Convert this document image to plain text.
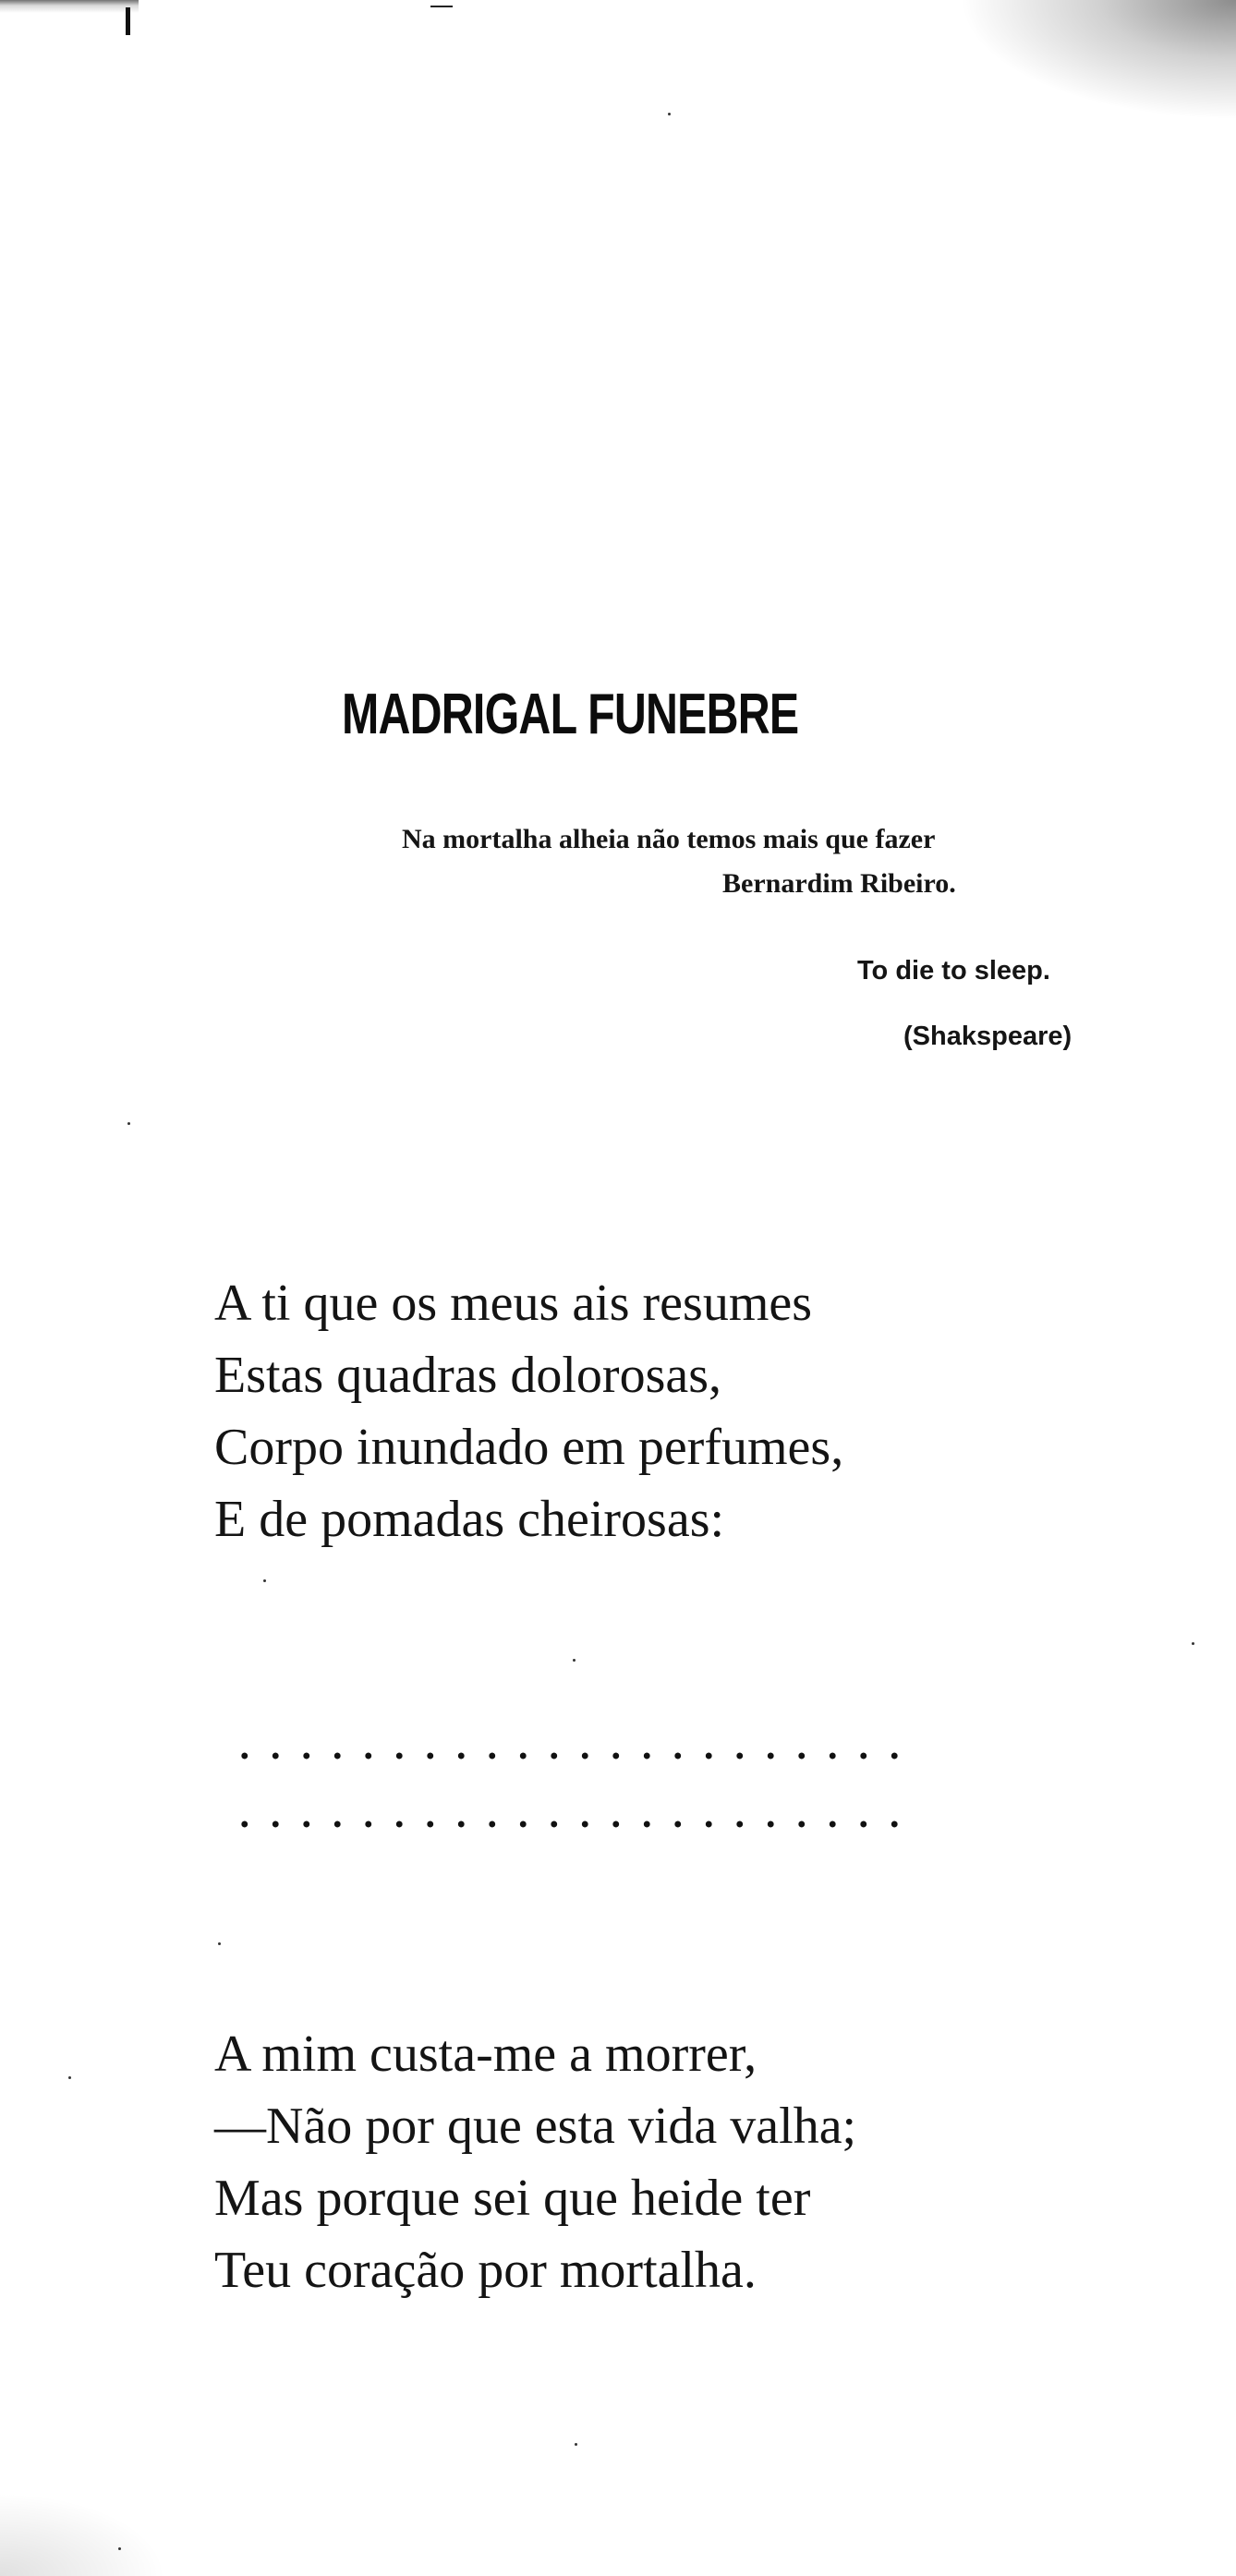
MADRIGAL FUNEBRE
Na mortalha alheia não temos mais que fazer
Bernardim Ribeiro.
To die to sleep.
(Shakspeare)
A ti que os meus ais resumes
Estas quadras dolorosas,
Corpo inundado em perfumes,
E de pomadas cheirosas:
A mim custa-me a morrer,
—Não por que esta vida valha;
Mas porque sei que heide ter
Teu coração por mortalha.
